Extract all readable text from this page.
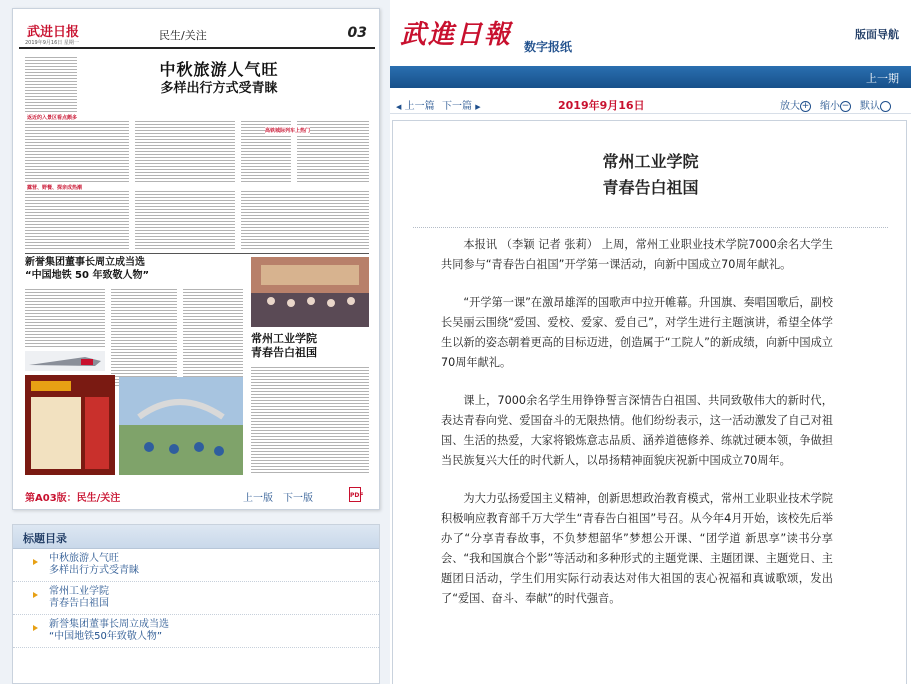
武进日报
2019年9月16日 星期一
民生/关注	03
中秋旅游人气旺
多样出行方式受青睐
返近的入景区看点颇多
高铁城际列车上热门
露营、野餐、探亲成热潮
新誉集团董事长周立成当选
“中国地铁 50 年致敬人物”
常州工业学院
青春告白祖国
第A03版：民生/关注	上一版 下一版	PDF
标题目录
中秋旅游人气旺
多样出行方式受青睐
常州工业学院
青春告白祖国
新誉集团董事长周立成当选
“中国地铁50年致敬人物”
武進日報 数字报纸
版面导航
上一期
◀ 上一篇 下一篇 ▶	2019年9月16日	放大 + 缩小 − 默认
常州工业学院
青春告白祖国

本报讯 （李颖 记者 张莉） 上周，常州工业职业技术学院7000余名大学生共同参与“青春告白祖国”开学第一课活动，向新中国成立70周年献礼。

“开学第一课”在激昂雄浑的国歌声中拉开帷幕。升国旗、奏唱国歌后，副校长吴丽云围绕“爱国、爱校、爱家、爱自己”，对学生进行主题演讲，希望全体学生以新的姿态朝着更高的目标迈进，创造属于“工院人”的新成绩，向新中国成立70周年献礼。

课上，7000余名学生用铮铮誓言深情告白祖国、共同致敬伟大的新时代，表达青春向党、爱国奋斗的无限热情。他们纷纷表示，这一活动激发了自己对祖国、生活的热爱，大家将锻炼意志品质、涵养道德修养、练就过硬本领，争做担当民族复兴大任的时代新人，以昂扬精神面貌庆祝新中国成立70周年。

为大力弘扬爱国主义精神，创新思想政治教育模式，常州工业职业技术学院积极响应教育部千万大学生“青春告白祖国”号召。从今年4月开始，该校先后举办了“分享青春故事，不负梦想韶华”梦想公开课、“团学道 新思享”读书分享会、“我和国旗合个影”等活动和多种形式的主题党课、主题团课、主题党日、主题团日活动，学生们用实际行动表达对伟大祖国的衷心祝福和真诚歌颂，发出了“爱国、奋斗、奉献”的时代强音。
